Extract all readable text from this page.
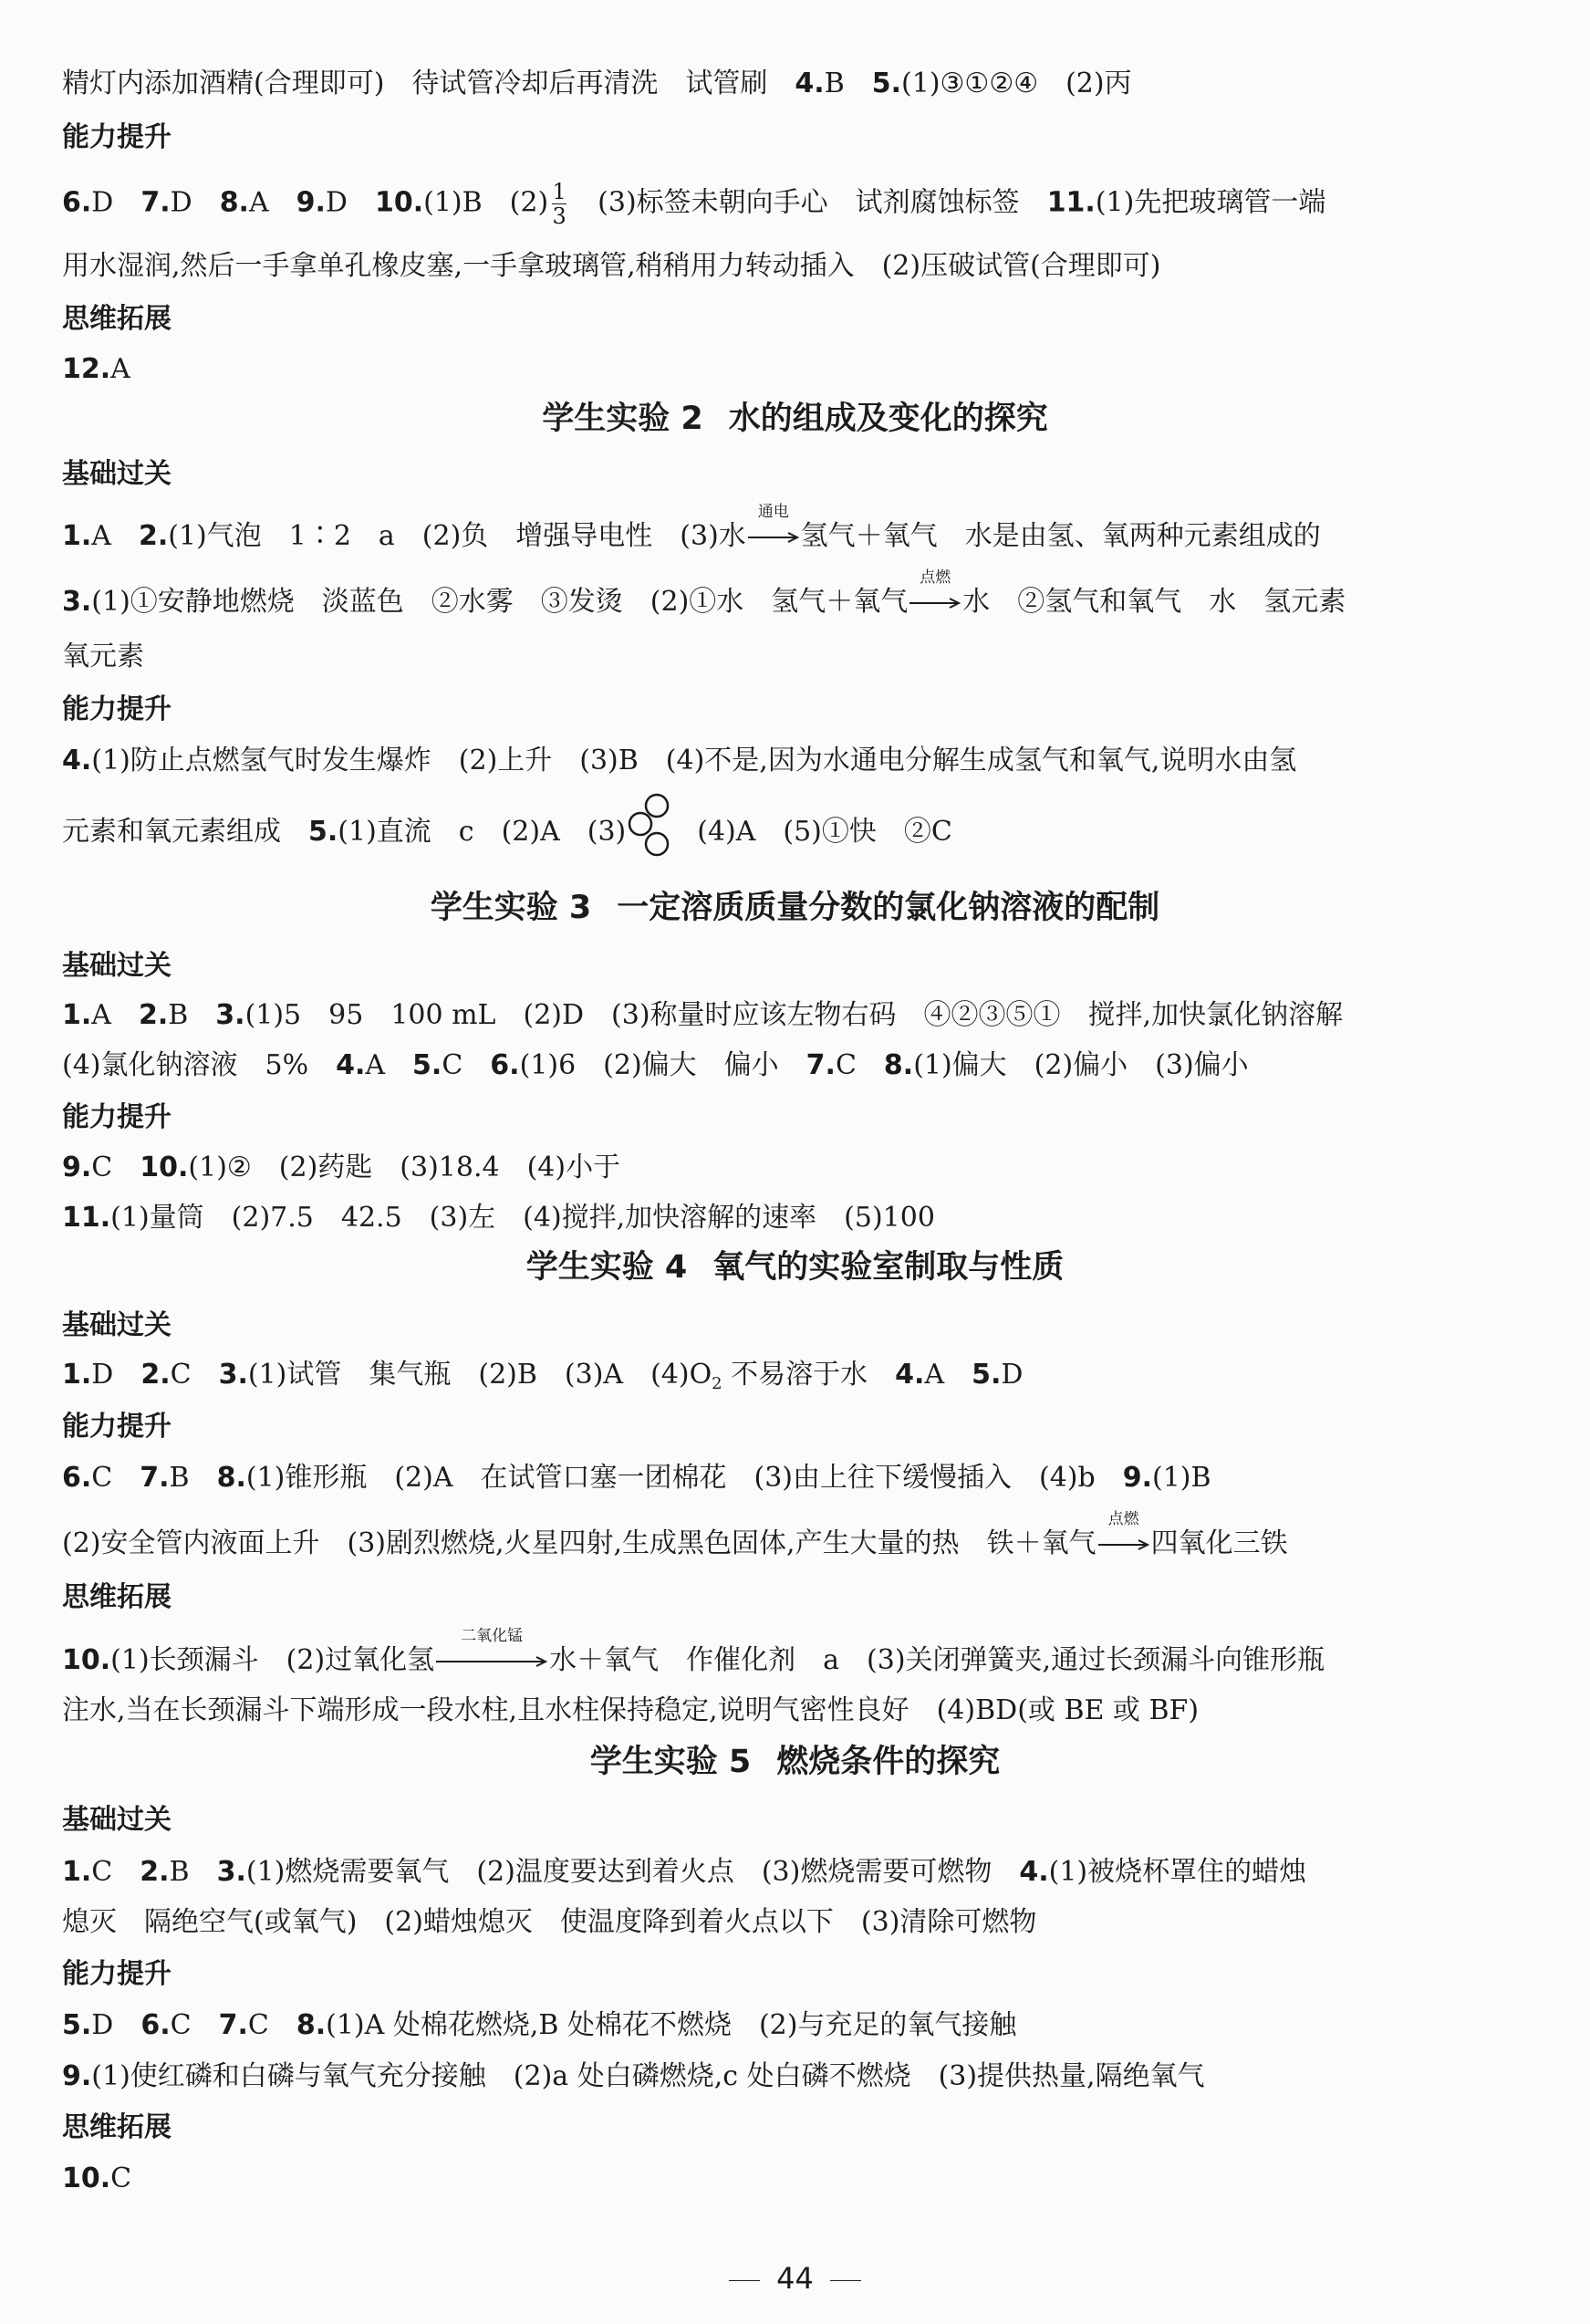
精灯内添加酒精(合理即可)　待试管冷却后再清洗　试管刷　4.B　5.(1)③①②④　(2)丙
能力提升
6.D　7.D　8.A　9.D　10.(1)B　$(2) \frac{1}{3}$ 　(3)标签未朝向手心　试剂腐蚀标签　11.(1)先把玻璃管一端
用水湿润,然后一手拿单孔橡皮塞,一手拿玻璃管,稍稍用力转动插入　(2)压破试管(合理即可)
思维拓展
12.A
学生实验 2 水的组成及变化的探究
基础过关
1.A　2.(1)气泡　1∶2　a　(2)负　增强导电性　(3)水
通电
氢气＋氧气　水是由氢、氧两种元素组成的
3.(1)①安静地燃烧　淡蓝色　②水雾　③发烫　(2)①水　氢气＋氧气
点燃
水　②氢气和氧气　水　氢元素
氧元素
能力提升
4.(1)防止点燃氢气时发生爆炸　(2)上升　(3)B　(4)不是,因为水通电分解生成氢气和氧气,说明水由氢
元素和氧元素组成　5.(1)直流　c　(2)A　(3)　(4)A　(5)①快　②C
学生实验 3 一定溶质质量分数的氯化钠溶液的配制
基础过关
1.A　2.B　3.(1)5　95　100 mL　(2)D　(3)称量时应该左物右码　④②③⑤①　搅拌,加快氯化钠溶解
(4)氯化钠溶液　5%　4.A　5.C　6.(1)6　(2)偏大　偏小　7.C　8.(1)偏大　(2)偏小　(3)偏小
能力提升
9.C　10.(1)②　(2)药匙　(3)18.4　(4)小于
11.(1)量筒　(2)7.5　42.5　(3)左　(4)搅拌,加快溶解的速率　(5)100
学生实验 4 氧气的实验室制取与性质
基础过关
1.D　2.C　3.(1)试管　集气瓶　(2)B　(3)A　$(4)O_2$ 不易溶于水　4.A　5.D
能力提升
6.C　7.B　8.(1)锥形瓶　(2)A　在试管口塞一团棉花　(3)由上往下缓慢插入　(4)b　9.(1)B
(2)安全管内液面上升　(3)剧烈燃烧,火星四射,生成黑色固体,产生大量的热　铁＋氧气
点燃
四氧化三铁
思维拓展
10.(1)长颈漏斗　(2)过氧化氢
二氧化锰
水＋氧气　作催化剂　a　(3)关闭弹簧夹,通过长颈漏斗向锥形瓶
注水,当在长颈漏斗下端形成一段水柱,且水柱保持稳定,说明气密性良好　(4)BD(或 BE 或 BF)
学生实验 5 燃烧条件的探究
基础过关
1.C　2.B　3.(1)燃烧需要氧气　(2)温度要达到着火点　(3)燃烧需要可燃物　4.(1)被烧杯罩住的蜡烛
熄灭　隔绝空气(或氧气)　(2)蜡烛熄灭　使温度降到着火点以下　(3)清除可燃物
能力提升
5.D　6.C　7.C　8.(1)A 处棉花燃烧,B 处棉花不燃烧　(2)与充足的氧气接触
9.(1)使红磷和白磷与氧气充分接触　(2)a 处白磷燃烧,c 处白磷不燃烧　(3)提供热量,隔绝氧气
思维拓展
10.C
44
